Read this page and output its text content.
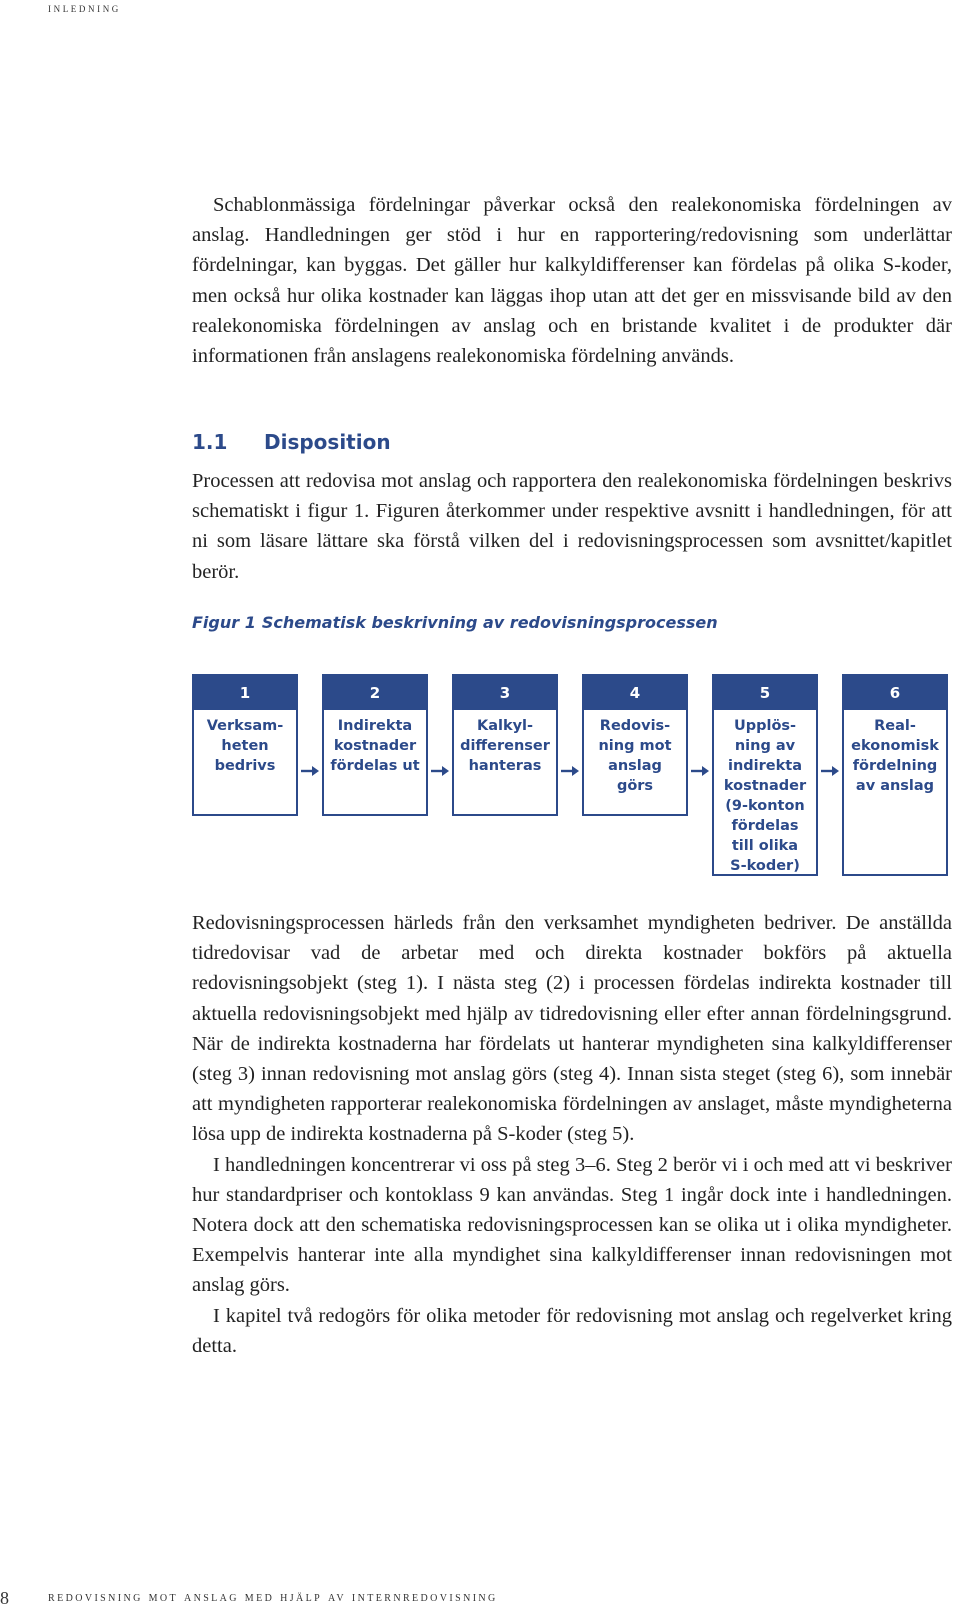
inledning

Schablonmässiga fördelningar påverkar också den realekonomiska fördelningen av anslag. Handledningen ger stöd i hur en rapportering/redovisning som underlättar fördelningar, kan byggas. Det gäller hur kalkyldifferenser kan fördelas på olika S-koder, men också hur olika kostnader kan läggas ihop utan att det ger en missvisande bild av den realekonomiska fördelningen av anslag och en bristande kvalitet i de produkter där informationen från anslagens realekonomiska fördelning används.

1.1 Disposition

Processen att redovisa mot anslag och rapportera den realekonomiska fördelningen beskrivs schematiskt i figur 1. Figuren återkommer under respektive avsnitt i handledningen, för att ni som läsare lättare ska förstå vilken del i redovisningsprocessen som avsnittet/kapitlet berör.

Figur 1 Schematisk beskrivning av redovisningsprocessen
1
Verksam-
heten
bedrivs
2
Indirekta
kostnader
fördelas ut
3
Kalkyl-
differenser
hanteras
4
Redovis-
ning mot
anslag
görs
5
Upplös-
ning av
indirekta
kostnader
(9-konton
fördelas
till olika
S-koder)
6
Real-
ekonomisk
fördelning
av anslag

Redovisningsprocessen härleds från den verksamhet myndigheten bedriver. De anställda tidredovisar vad de arbetar med och direkta kostnader bokförs på aktuella redovisningsobjekt (steg 1). I nästa steg (2) i processen fördelas indirekta kostnader till aktuella redovisningsobjekt med hjälp av tidredovisning eller efter annan fördelningsgrund. När de indirekta kostnaderna har fördelats ut hanterar myndigheten sina kalkyldifferenser (steg 3) innan redovisning mot anslag görs (steg 4). Innan sista steget (steg 6), som innebär att myndigheten rapporterar realekonomiska fördelningen av anslaget, måste myndigheterna lösa upp de indirekta kostnaderna på S-koder (steg 5).

I handledningen koncentrerar vi oss på steg 3–6. Steg 2 berör vi i och med att vi beskriver hur standardpriser och kontoklass 9 kan användas. Steg 1 ingår dock inte i handledningen. Notera dock att den schematiska redovisningsprocessen kan se olika ut i olika myndigheter. Exempelvis hanterar inte alla myndighet sina kalkyldifferenser innan redovisningen mot anslag görs.

I kapitel två redogörs för olika metoder för redovisning mot anslag och regelverket kring detta.

8	redovisning mot anslag med hjälp av internredovisning
